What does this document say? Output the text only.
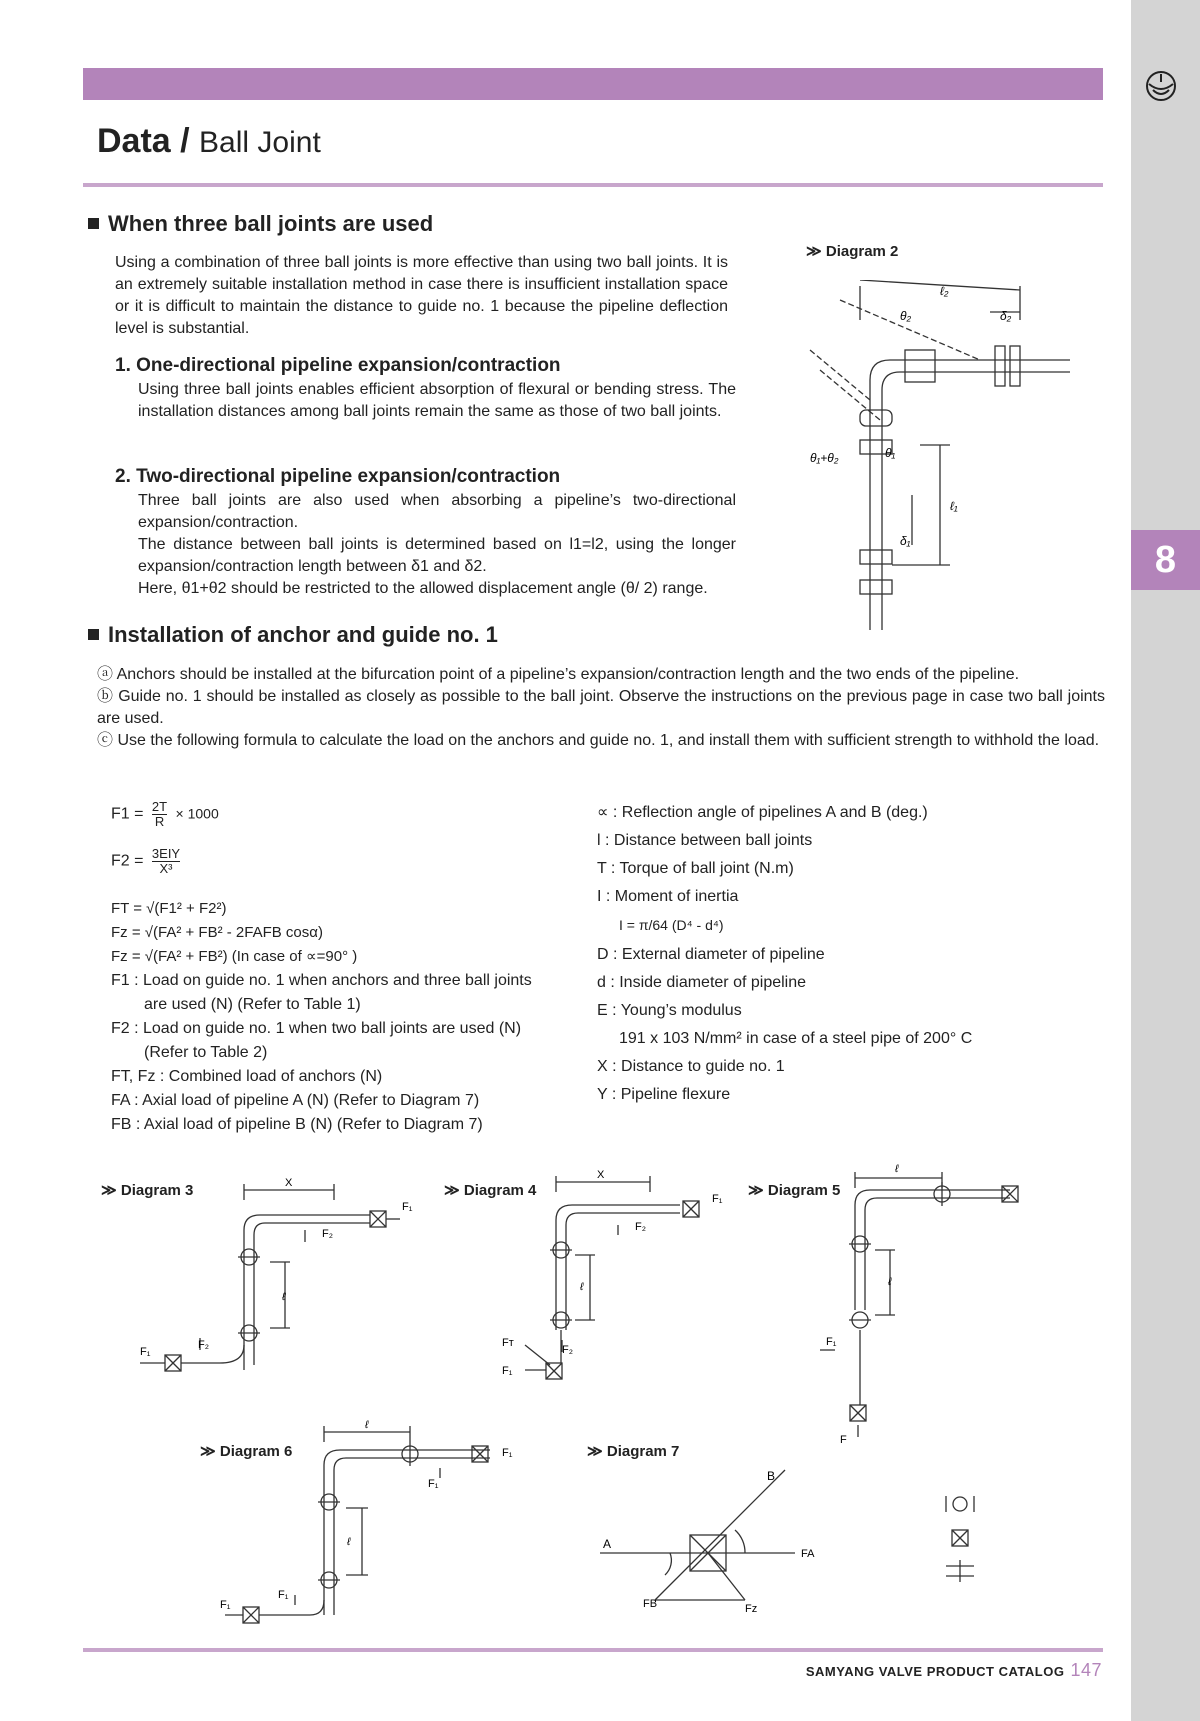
8
Data / Ball Joint
When three ball joints are used
Using a combination of three ball joints is more effective than using two ball joints. It is an extremely suitable installation method in case there is insufficient installation space or it is difficult to maintain the distance to guide no. 1 because the pipeline deflection level is substantial.
1. One-directional pipeline expansion/contraction
Using three ball joints enables efficient absorption of flexural or bending stress. The installation distances among ball joints remain the same as those of two ball joints.
2. Two-directional pipeline expansion/contraction
Three ball joints are also used when absorbing a pipeline’s two-directional expansion/contraction.
The distance between ball joints is determined based on l1=l2, using the longer expansion/contraction length between δ1 and δ2.
Here, θ1+θ2 should be restricted to the allowed displacement angle (θ/ 2) range.
≫ Diagram 2
ℓ₂
θ₂	δ₂
θ₁
θ₁+θ₂
ℓ₁
δ₁
Installation of anchor and guide no. 1
ⓐ Anchors should be installed at the bifurcation point of a pipeline’s expansion/contraction length and the two ends of the pipeline.
ⓑ Guide no. 1 should be installed as closely as possible to the ball joint. Observe the instructions on the previous page in case two ball joints are used.
ⓒ Use the following formula to calculate the load on the anchors and guide no. 1, and install them with sufficient strength to withhold the load.
$F1 = \frac{2T}{R} \times 1000$
F2 = 3EIY
X³
FT = √(F1² + F2²)
Fz = √(FA² + FB² - 2FAFB cosα)
Fz = √(FA² + FB²) (In case of ∝=90° )
F1 : Load on guide no. 1 when anchors and three ball joints
are used (N) (Refer to Table 1)
F2 : Load on guide no. 1 when two ball joints are used (N)
(Refer to Table 2)
FT, Fz : Combined load of anchors (N)
FA : Axial load of pipeline A (N) (Refer to Diagram 7)
FB : Axial load of pipeline B (N) (Refer to Diagram 7)
∝ : Reflection angle of pipelines A and B (deg.)
l : Distance between ball joints
T : Torque of ball joint (N.m)
I : Moment of inertia
I = π/64 (D⁴ - d⁴)
D : External diameter of pipeline
d : Inside diameter of pipeline
E : Young’s modulus
191 x 103 N/mm² in case of a steel pipe of 200° C
X : Distance to guide no. 1
Y : Pipeline flexure
≫ Diagram 3	X
F₁
F₂
ℓ
F₂
F₁
≫ Diagram 4
X
F₁
F₂
ℓ
Fт
F₂
F₁
≫ Diagram 5
ℓ
ℓ
F₁
F
≫ Diagram 6
ℓ
F₁
F₁
ℓ
F₁
F₁
≫ Diagram 7
A
B
FA
FB	Fz
SAMYANG VALVE PRODUCT CATALOG 147
